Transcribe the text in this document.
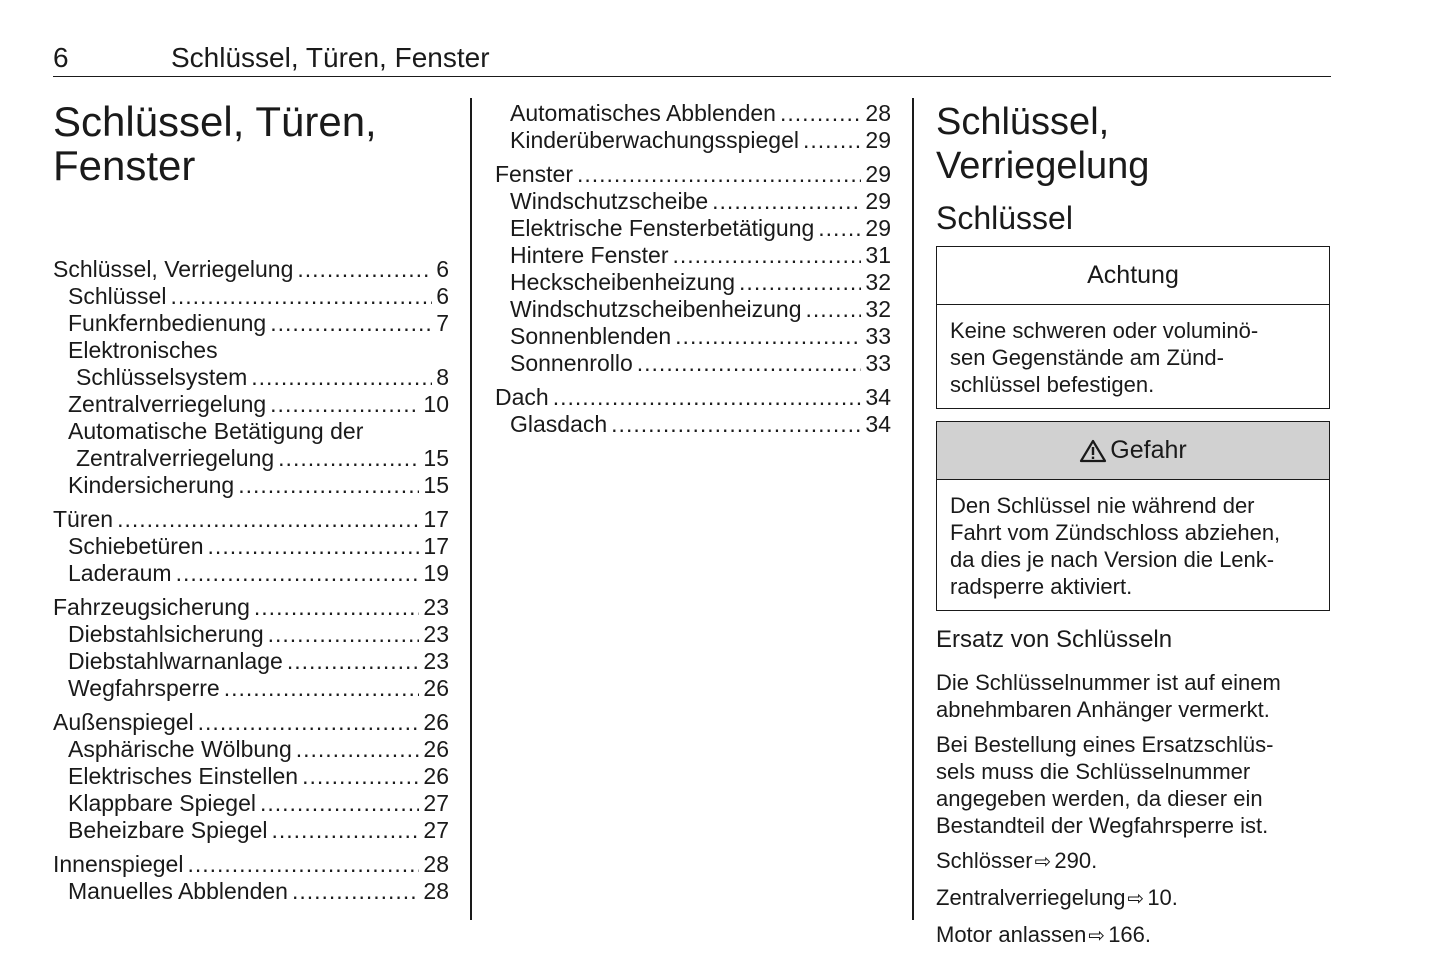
6	Schlüssel, Türen, Fenster
Schlüssel, Türen,
Fenster
Schlüssel, Verriegelung .....	6
Schlüssel .....	6
Funkfernbedienung .....	7
Elektronisches
Schlüsselsystem .....	8
Zentralverriegelung .....	10
Automatische Betätigung der
Zentralverriegelung .....	15
Kindersicherung .....	15
Türen .....	17
Schiebetüren .....	17
Laderaum .....	19
Fahrzeugsicherung .....	23
Diebstahlsicherung .....	23
Diebstahlwarnanlage .....	23
Wegfahrsperre .....	26
Außenspiegel .....	26
Asphärische Wölbung .....	26
Elektrisches Einstellen .....	26
Klappbare Spiegel .....	27
Beheizbare Spiegel .....	27
Innenspiegel .....	28
Manuelles Abblenden .....	28
Automatisches Abblenden .....	28
Kinderüberwachungsspiegel .....	29
Fenster .....	29
Windschutzscheibe .....	29
Elektrische Fensterbetätigung ..... 29
Hintere Fenster .....	31
Heckscheibenheizung .....	32
Windschutzscheibenheizung .....	32
Sonnenblenden .....	33
Sonnenrollo .....	33
Dach .....	34
Glasdach .....	34
Schlüssel, Verriegelung
Schlüssel
Achtung
Keine schweren oder voluminö-
sen Gegenstände am Zünd-
schlüssel befestigen.
Gefahr
Den Schlüssel nie während der
Fahrt vom Zündschloss abziehen,
da dies je nach Version die Lenk-
radsperre aktiviert.
Ersatz von Schlüsseln
Die Schlüsselnummer ist auf einem
abnehmbaren Anhänger vermerkt.
Bei Bestellung eines Ersatzschlüs-
sels muss die Schlüsselnummer
angegeben werden, da dieser ein
Bestandteil der Wegfahrsperre ist.
Schlösser ⇨ 290.
Zentralverriegelung ⇨ 10.
Motor anlassen ⇨ 166.
